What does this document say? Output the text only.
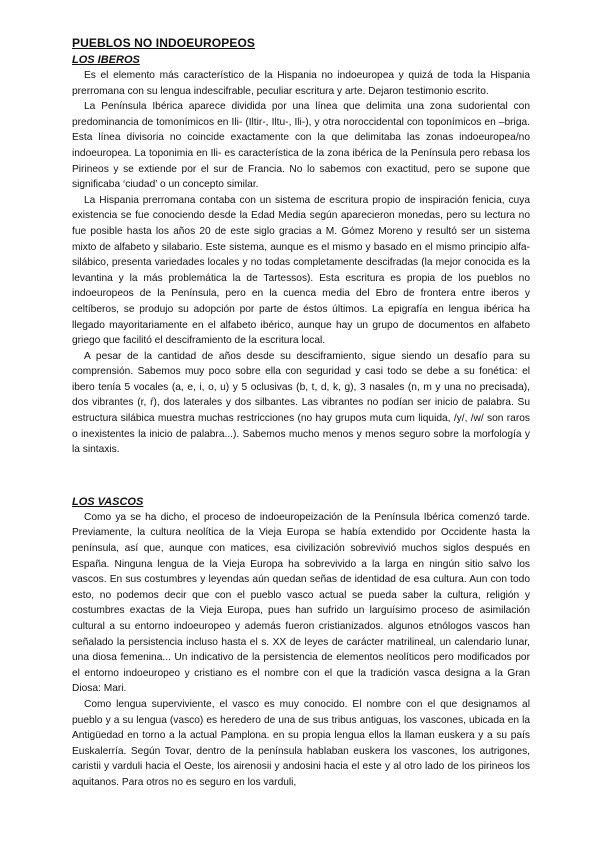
PUEBLOS NO INDOEUROPEOS
LOS IBEROS

Es el elemento más característico de la Hispania no indoeuropea y quizá de toda la Hispania prerromana con su lengua indescifrable, peculiar escritura y arte. Dejaron testimonio escrito.

La Península Ibérica aparece dividida por una línea que delimita una zona sudoriental con predominancia de tomonímicos en Ili- (Iltir-, Iltu-, Ili-), y otra noroccidental con toponímicos en –briga. Esta línea divisoria no coincide exactamente con la que delimitaba las zonas indoeuropea/no indoeuropea. La toponimia en Ili- es característica de la zona ibérica de la Península pero rebasa los Pirineos y se extiende por el sur de Francia. No lo sabemos con exactitud, pero se supone que significaba ‘ciudad’ o un concepto similar.

La Hispania prerromana contaba con un sistema de escritura propio de inspiración fenicia, cuya existencia se fue conociendo desde la Edad Media según aparecieron monedas, pero su lectura no fue posible hasta los años 20 de este siglo gracias a M. Gómez Moreno y resultó ser un sistema mixto de alfabeto y silabario. Este sistema, aunque es el mismo y basado en el mismo principio alfa-silábico, presenta variedades locales y no todas completamente descifradas (la mejor conocida es la levantina y la más problemática la de Tartessos). Esta escritura es propia de los pueblos no indoeuropeos de la Península, pero en la cuenca media del Ebro de frontera entre iberos y celtíberos, se produjo su adopción por parte de éstos últimos. La epigrafía en lengua ibérica ha llegado mayoritariamente en el alfabeto ibérico, aunque hay un grupo de documentos en alfabeto griego que facilitó el desciframiento de la escritura local.

A pesar de la cantidad de años desde su desciframiento, sigue siendo un desafío para su comprensión. Sabemos muy poco sobre ella con seguridad y casi todo se debe a su fonética: el ibero tenía 5 vocales (a, e, i, o, u) y 5 oclusivas (b, t, d, k, g), 3 nasales (n, m y una no precisada), dos vibrantes (r, ŕ), dos laterales y dos silbantes. Las vibrantes no podían ser inicio de palabra. Su estructura silábica muestra muchas restricciones (no hay grupos muta cum liquida, /y/, /w/ son raros o inexistentes la inicio de palabra...). Sabemos mucho menos y menos seguro sobre la morfología y la sintaxis.

LOS VASCOS

Como ya se ha dicho, el proceso de indoeuropeización de la Península Ibérica comenzó tarde. Previamente, la cultura neolítica de la Vieja Europa se había extendido por Occidente hasta la península, así que, aunque con matices, esa civilización sobrevivió muchos siglos después en España. Ninguna lengua de la Vieja Europa ha sobrevivido a la larga en ningún sitio salvo los vascos. En sus costumbres y leyendas aún quedan señas de identidad de esa cultura. Aun con todo esto, no podemos decir que con el pueblo vasco actual se pueda saber la cultura, religión y costumbres exactas de la Vieja Europa, pues han sufrido un larguísimo proceso de asimilación cultural a su entorno indoeuropeo y además fueron cristianizados. algunos etnólogos vascos han señalado la persistencia incluso hasta el s. XX de leyes de carácter matrilineal, un calendario lunar, una diosa femenina... Un indicativo de la persistencia de elementos neolíticos pero modificados por el entorno indoeuropeo y cristiano es el nombre con el que la tradición vasca designa a la Gran Diosa: Mari.

Como lengua superviviente, el vasco es muy conocido. El nombre con el que designamos al pueblo y a su lengua (vasco) es heredero de una de sus tribus antiguas, los vascones, ubicada en la Antigüedad en torno a la actual Pamplona. en su propia lengua ellos la llaman euskera y a su país Euskalerría. Según Tovar, dentro de la península hablaban euskera los vascones, los autrigones, caristii y varduli hacia el Oeste, los airenosii y andosini hacia el este y al otro lado de los pirineos los aquitanos. Para otros no es seguro en los varduli,
